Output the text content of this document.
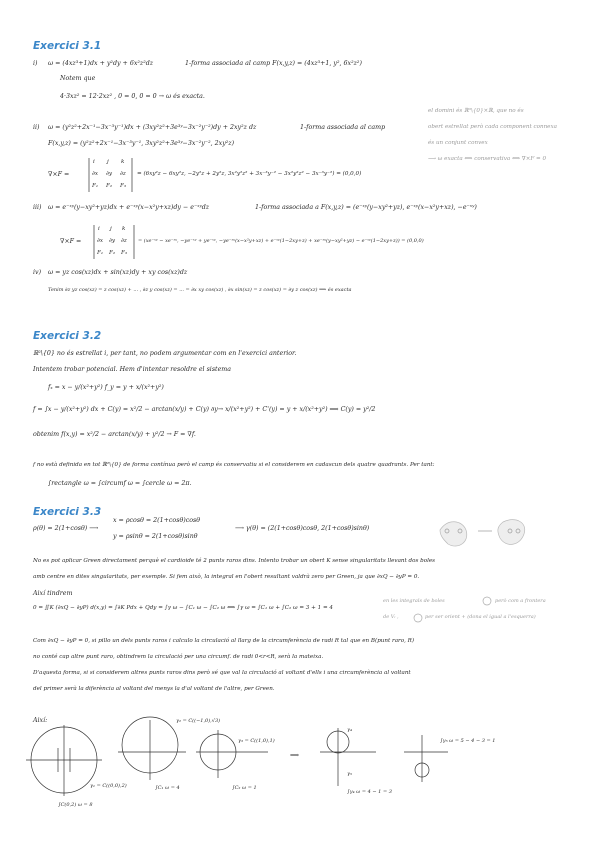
Exercici 3.1
i) ω = (4xz³+1)dx + y²dy + 6x²z²dz	1-forma associada al camp F(x,y,z) = (4xz³+1, y², 6x²z²)
Notem que
4·3xz² = 12·2xz² , 0 = 0, 0 = 0 → ω és exacta.
ii) ω = (y²z²+2x⁻¹−3x⁻³y⁻¹)dx + (3xy²z²+3e³ʸ−3x⁻²y⁻²)dy + 2xy²z dz	1-forma associada al camp
F(x,y,z) = (y²z²+2x⁻¹−3x⁻³y⁻¹, 3xy²z²+3e³ʸ−3x⁻²y⁻², 2xy²z)
∇×F =
i j k
∂x ∂y ∂z
F₁ F₂ F₃
= (6xy²z − 6xy²z, −2y²z + 2y²z, 3x²y²z² + 3x⁻³y⁻² − 3x²y²z² − 3x⁻³y⁻²) = (0,0,0)
iii) ω = e⁻ˣʸ(y−xy²+yz)dx + e⁻ˣʸ(x−x²y+xz)dy − e⁻ˣʸdz	1-forma associada a F(x,y,z) = (e⁻ˣʸ(y−xy²+yz), e⁻ˣʸ(x−x²y+xz), −e⁻ˣʸ)
∇×F =
i j k
∂x ∂y ∂z
F₁ F₂ F₃
= (xe⁻ˣʸ − xe⁻ˣʸ, −ye⁻ˣʸ + ye⁻ˣʸ, −ye⁻ˣʸ(x−x²y+xz) + e⁻ˣʸ(1−2xy+z) + xe⁻ˣʸ(y−xy²+yz) − e⁻ˣʸ(1−2xy+z)) = (0,0,0)
iv) ω = yz cos(xz)dx + sin(xz)dy + xy cos(xz)dz
Tenim ∂z yz cos(xz) = z cos(xz) + ... , ∂z y cos(xz) = ... = ∂x xy cos(xz) , ∂x sin(xz) = z cos(xz) = ∂y z cos(xz) ⟹ és exacta
el domini és ℝ³\{0}×ℝ, que no és
obert estrellat però cada component connexa
és un conjunt convex
⟶ ω exacta ⟺ conservativa ⟺ ∇×F = 0
Exercici 3.2
ℝ²\{0} no és estrellat i, per tant, no podem argumentar com en l'exercici anterior.
Intentem trobar potencial. Hem d'intentar resoldre el sistema
fₓ = x − y/(x²+y²) f_y = y + x/(x²+y²)
f = ∫x − y/(x²+y²) dx + C(y) = x²/2 − arctan(x/y) + C(y) ∂y→ x/(x²+y²) + C'(y) = y + x/(x²+y²) ⟹ C(y) = y²/2
obtenim f(x,y) = x²/2 − arctan(x/y) + y²/2 → F = ∇f.
f no està definida en tot ℝ²\{0} de forma contínua però el camp és conservatiu si el considerem en cadascun dels quatre quadrants. Per tant:
∫rectangle ω = ∫circumf ω = ∫cercle ω = 2π.
Exercici 3.3
ρ(θ) = 2(1+cosθ) ⟶
x = ρcosθ = 2(1+cosθ)cosθ
y = ρsinθ = 2(1+cosθ)sinθ
⟶ γ(θ) = (2(1+cosθ)cosθ, 2(1+cosθ)sinθ)
No es pot aplicar Green directament perquè el cardioide té 2 punts raros dins. Intento trobar un obert K sense singularitats llevant dos boles
amb centre en dites singularitats, per exemple. Si fem això, la integral en l'obert resultant valdrà zero per Green, ja que ∂xQ − ∂yP = 0.
Així tindrem
0 = ∬K (∂xQ − ∂yP) d(x,y) = ∫∂K Pdx + Qdy = ∫γ ω − ∫C₁ ω − ∫C₂ ω ⟺ ∫γ ω = ∫C₁ ω + ∫C₂ ω = 3 + 1 = 4
en les integrals de boles	però com a frontera
de Vᵢ ,	per ser orient + (dona el igual a l'esquerra)
Com ∂xQ − ∂yP = 0, si pillo un dels punts raros i calculo la circulació al llarg de la circumferència de radi R tal que en B(punt raro, R)
no conté cap altre punt raro, obtindrem la circulació per una circumf. de radi 0<r<R, serà la mateixa.
D'aquesta forma, si si considerem altres punts raros dins però sé que val la circulació al voltant d'ells i una circumferència al voltant
del primer serà la diferència al voltant del menys la d'al voltant de l'altre, per Green.
Així:
∫C(0,2) ω = 8
γ₁ = C((0,0),2)	∫C₁ ω = 4
γ₂ = C((−1,0),√3)
γ₃ = C((1,0),1)
∫C₂ ω = 1
⟹
γ₄
γ₅
∫γ₄ ω = 4 − 1 = 3
∫γ₅ ω = 5 − 4 − 3 = 1
